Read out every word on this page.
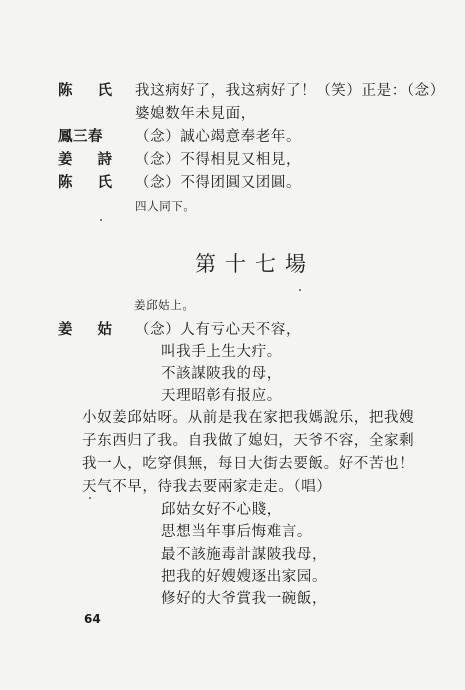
陈 氏 我这病好了，我这病好了！（笑）正是：（念）
婆媳数年未見面，
鳳三春 （念）誠心竭意奉老年。
姜 詩 （念）不得相見又相見，
陈 氏 （念）不得团圓又团圓。
四人同下。
第十七場
姜邱姑上。
姜 姑 （念）人有亏心天不容，
叫我手上生大疔。
不該謀陂我的母，
天理昭彰有报应。
小奴姜邱姑呀。从前是我在家把我媽說乐，把我嫂
子东西归了我。自我做了媳妇，天爷不容，全家剩
我一人，吃穿俱無，每日大街去要飯。好不苦也！
天气不早，待我去要兩家走走。（唱）
邱姑女好不心賤，
思想当年事后悔难言。
最不該施毒計謀陂我母，
把我的好嫂嫂逐出家园。
修好的大爷賞我一碗飯，
64
